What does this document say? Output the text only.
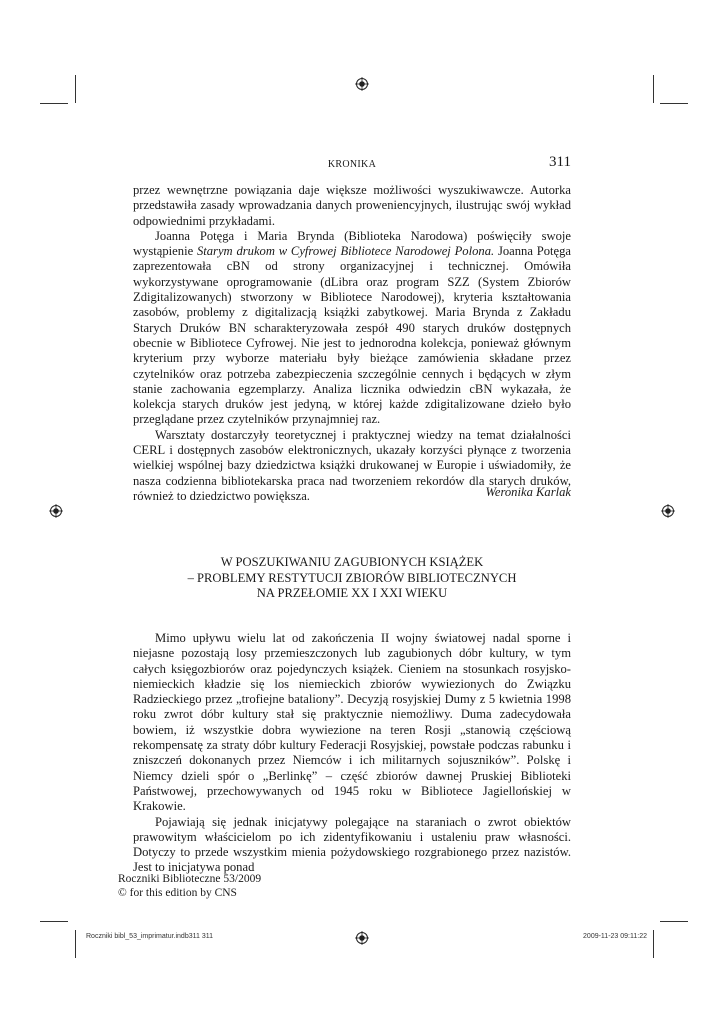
KRONIKA	311

przez wewnętrzne powiązania daje większe możliwości wyszukiwawcze. Autorka przedstawiła zasady wprowadzania danych proweniencyjnych, ilustrując swój wykład odpowiednimi przykładami.

Joanna Potęga i Maria Brynda (Biblioteka Narodowa) poświęciły swoje wystąpienie Starym drukom w Cyfrowej Bibliotece Narodowej Polona. Joanna Potęga zaprezentowała cBN od strony organizacyjnej i technicznej. Omówiła wykorzystywane oprogramowanie (dLibra oraz program SZZ (System Zbiorów Zdigitalizowanych) stworzony w Bibliotece Narodowej), kryteria kształtowania zasobów, problemy z digitalizacją książki zabytkowej. Maria Brynda z Zakładu Starych Druków BN scharakteryzowała zespół 490 starych druków dostępnych obecnie w Bibliotece Cyfrowej. Nie jest to jednorodna kolekcja, ponieważ głównym kryterium przy wyborze materiału były bieżące zamówienia składane przez czytelników oraz potrzeba zabezpieczenia szczególnie cennych i będących w złym stanie zachowania egzemplarzy. Analiza licznika odwiedzin cBN wykazała, że kolekcja starych druków jest jedyną, w której każde zdigitalizowane dzieło było przeglądane przez czytelników przynajmniej raz.

Warsztaty dostarczyły teoretycznej i praktycznej wiedzy na temat działalności CERL i dostępnych zasobów elektronicznych, ukazały korzyści płynące z tworzenia wielkiej wspólnej bazy dziedzictwa książki drukowanej w Europie i uświadomiły, że nasza codzienna bibliotekarska praca nad tworzeniem rekordów dla starych druków, również to dziedzictwo powiększa.	Weronika Karlak
W POSZUKIWANIU ZAGUBIONYCH KSIĄŻEK
– PROBLEMY RESTYTUCJI ZBIORÓW BIBLIOTECZNYCH
NA PRZEŁOMIE XX I XXI WIEKU

Mimo upływu wielu lat od zakończenia II wojny światowej nadal sporne i niejasne pozostają losy przemieszczonych lub zagubionych dóbr kultury, w tym całych księgozbiorów oraz pojedynczych książek. Cieniem na stosunkach rosyjsko-niemieckich kładzie się los niemieckich zbiorów wywiezionych do Związku Radzieckiego przez „trofiejne bataliony”. Decyzją rosyjskiej Dumy z 5 kwietnia 1998 roku zwrot dóbr kultury stał się praktycznie niemożliwy. Duma zadecydowała bowiem, iż wszystkie dobra wywiezione na teren Rosji „stanowią częściową rekompensatę za straty dóbr kultury Federacji Rosyjskiej, powstałe podczas rabunku i zniszczeń dokonanych przez Niemców i ich militarnych sojuszników”. Polskę i Niemcy dzieli spór o „Berlinkę” – część zbiorów dawnej Pruskiej Biblioteki Państwowej, przechowywanych od 1945 roku w Bibliotece Jagiellońskiej w Krakowie.

Pojawiają się jednak inicjatywy polegające na staraniach o zwrot obiektów prawowitym właścicielom po ich zidentyfikowaniu i ustaleniu praw własności. Dotyczy to przede wszystkim mienia pożydowskiego rozgrabionego przez nazistów. Jest to inicjatywa ponad

Roczniki Biblioteczne 53/2009
© for this edition by CNS
Roczniki bibl_53_imprimatur.indb311 311	2009-11-23 09:11:22
